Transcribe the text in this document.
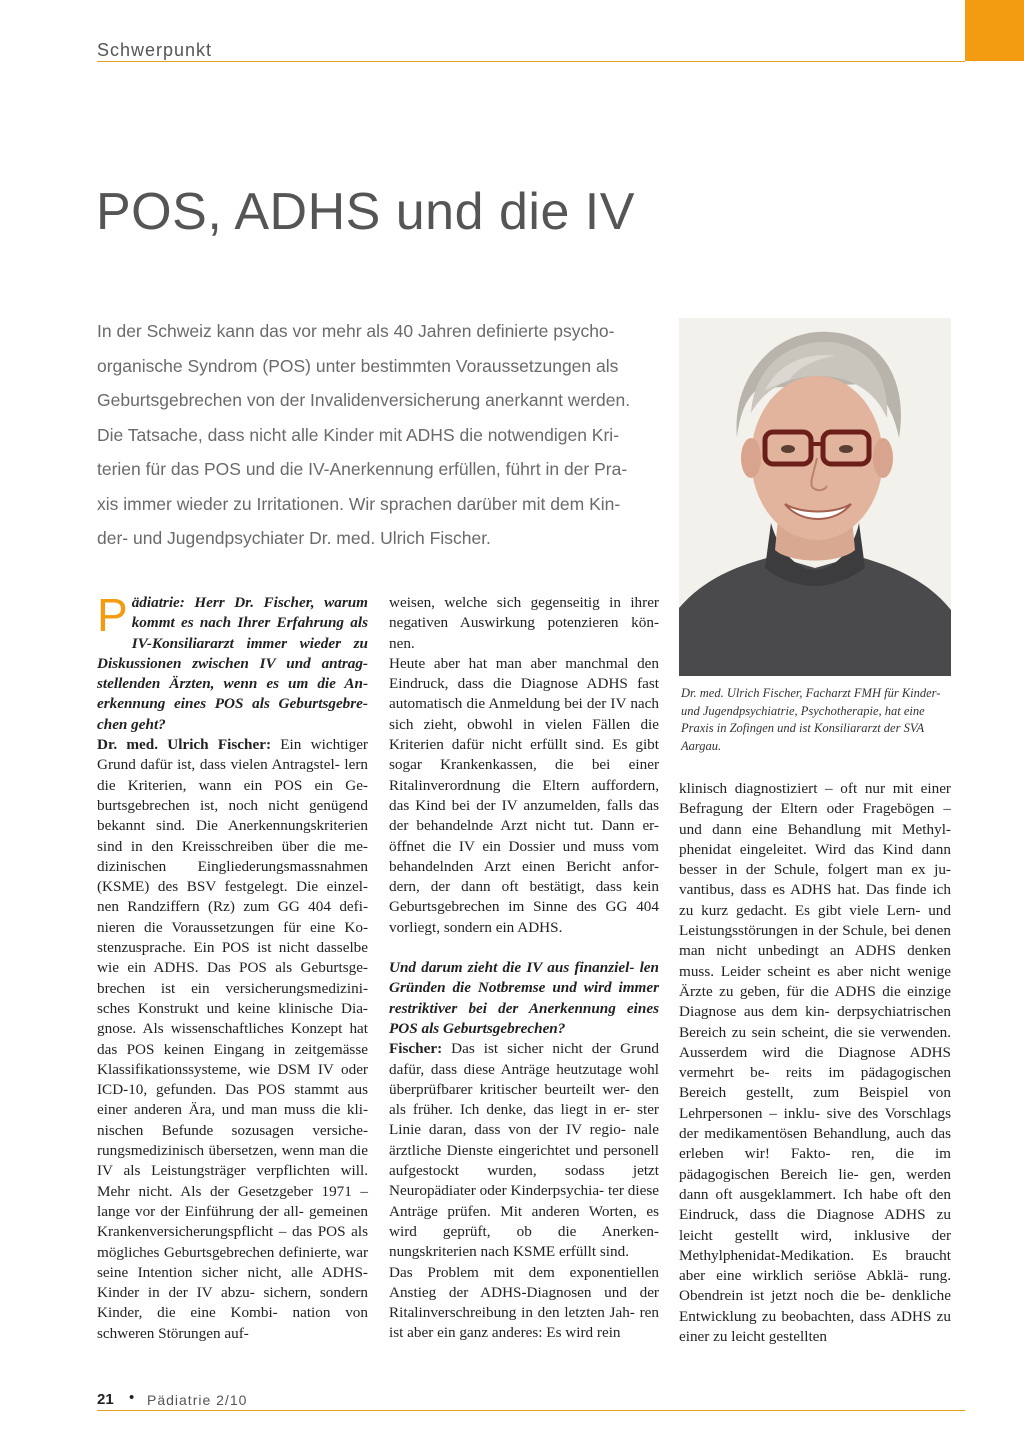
Schwerpunkt
POS, ADHS und die IV
In der Schweiz kann das vor mehr als 40 Jahren definierte psycho- organische Syndrom (POS) unter bestimmten Voraussetzungen als Geburtsgebrechen von der Invalidenversicherung anerkannt werden. Die Tatsache, dass nicht alle Kinder mit ADHS die notwendigen Kri- terien für das POS und die IV-Anerkennung erfüllen, führt in der Pra- xis immer wieder zu Irritationen. Wir sprachen darüber mit dem Kin- der- und Jugendpsychiater Dr. med. Ulrich Fischer.
Dr. med. Ulrich Fischer, Facharzt FMH für Kinder- und Jugendpsychiatrie, Psychotherapie, hat eine Praxis in Zofingen und ist Konsiliararzt der SVA Aargau.

Pädiatrie: Herr Dr. Fischer, warum kommt es nach Ihrer Erfahrung als IV-Konsiliararzt immer wieder zu Diskussionen zwischen IV und antrag- stellenden Ärzten, wenn es um die An- erkennung eines POS als Geburtsgebre- chen geht?

Dr. med. Ulrich Fischer: Ein wichtiger Grund dafür ist, dass vielen Antragstel- lern die Kriterien, wann ein POS ein Ge- burtsgebrechen ist, noch nicht genügend bekannt sind. Die Anerkennungskriterien sind in den Kreisschreiben über die me- dizinischen Eingliederungsmassnahmen (KSME) des BSV festgelegt. Die einzel- nen Randziffern (Rz) zum GG 404 defi- nieren die Voraussetzungen für eine Ko- stenzusprache. Ein POS ist nicht dasselbe wie ein ADHS. Das POS als Geburtsge- brechen ist ein versicherungsmedizini- sches Konstrukt und keine klinische Dia- gnose. Als wissenschaftliches Konzept hat das POS keinen Eingang in zeitgemässe Klassifikationssysteme, wie DSM IV oder ICD-10, gefunden. Das POS stammt aus einer anderen Ära, und man muss die kli- nischen Befunde sozusagen versiche- rungsmedizinisch übersetzen, wenn man die IV als Leistungsträger verpflichten will. Mehr nicht. Als der Gesetzgeber 1971 – lange vor der Einführung der all- gemeinen Krankenversicherungspflicht – das POS als mögliches Geburtsgebrechen definierte, war seine Intention sicher nicht, alle ADHS-Kinder in der IV abzu- sichern, sondern Kinder, die eine Kombi- nation von schweren Störungen auf-

weisen, welche sich gegenseitig in ihrer negativen Auswirkung potenzieren kön- nen.

Heute aber hat man aber manchmal den Eindruck, dass die Diagnose ADHS fast automatisch die Anmeldung bei der IV nach sich zieht, obwohl in vielen Fällen die Kriterien dafür nicht erfüllt sind. Es gibt sogar Krankenkassen, die bei einer Ritalinverordnung die Eltern auffordern, das Kind bei der IV anzumelden, falls das der behandelnde Arzt nicht tut. Dann er- öffnet die IV ein Dossier und muss vom behandelnden Arzt einen Bericht anfor- dern, der dann oft bestätigt, dass kein Geburtsgebrechen im Sinne des GG 404 vorliegt, sondern ein ADHS.

Und darum zieht die IV aus finanziel- len Gründen die Notbremse und wird immer restriktiver bei der Anerkennung eines POS als Geburtsgebrechen?

Fischer: Das ist sicher nicht der Grund dafür, dass diese Anträge heutzutage wohl überprüfbarer kritischer beurteilt wer- den als früher. Ich denke, das liegt in er- ster Linie daran, dass von der IV regio- nale ärztliche Dienste eingerichtet und personell aufgestockt wurden, sodass jetzt Neuropädiater oder Kinderpsychia- ter diese Anträge prüfen. Mit anderen Worten, es wird geprüft, ob die Anerken- nungskriterien nach KSME erfüllt sind.

Das Problem mit dem exponentiellen Anstieg der ADHS-Diagnosen und der Ritalinverschreibung in den letzten Jah- ren ist aber ein ganz anderes: Es wird rein

klinisch diagnostiziert – oft nur mit einer Befragung der Eltern oder Fragebögen – und dann eine Behandlung mit Methyl- phenidat eingeleitet. Wird das Kind dann besser in der Schule, folgert man ex ju- vantibus, dass es ADHS hat. Das finde ich zu kurz gedacht. Es gibt viele Lern- und Leistungsstörungen in der Schule, bei denen man nicht unbedingt an ADHS denken muss. Leider scheint es aber nicht wenige Ärzte zu geben, für die ADHS die einzige Diagnose aus dem kin- derpsychiatrischen Bereich zu sein scheint, die sie verwenden. Ausserdem wird die Diagnose ADHS vermehrt be- reits im pädagogischen Bereich gestellt, zum Beispiel von Lehrpersonen – inklu- sive des Vorschlags der medikamentösen Behandlung, auch das erleben wir! Fakto- ren, die im pädagogischen Bereich lie- gen, werden dann oft ausgeklammert. Ich habe oft den Eindruck, dass die Diagnose ADHS zu leicht gestellt wird, inklusive der Methylphenidat-Medikation. Es braucht aber eine wirklich seriöse Abklä- rung. Obendrein ist jetzt noch die be- denkliche Entwicklung zu beobachten, dass ADHS zu einer zu leicht gestellten

21 • Pädiatrie 2/10
